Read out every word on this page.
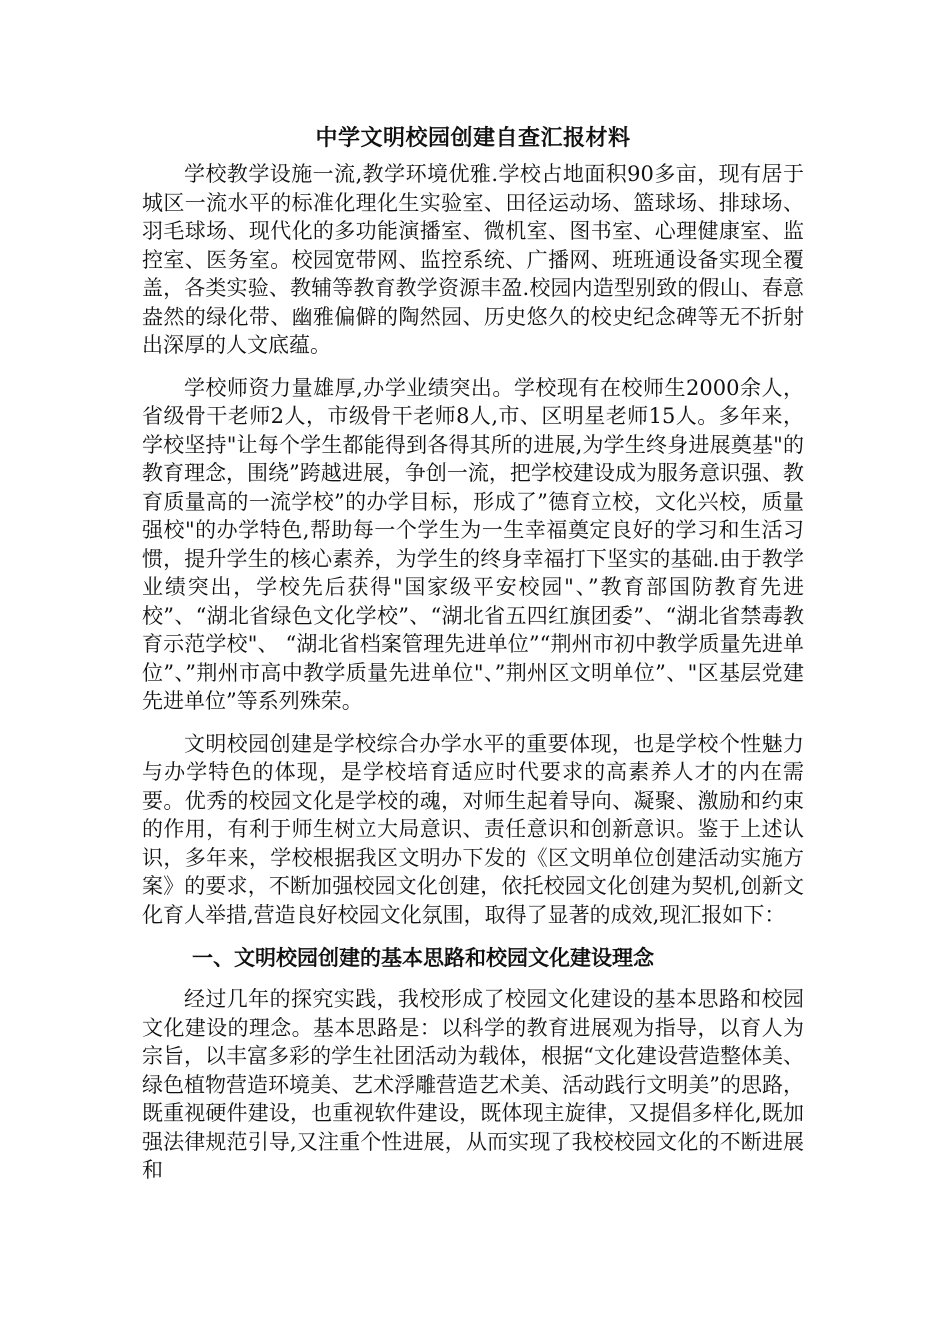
中学文明校园创建自查汇报材料

学校教学设施一流,教学环境优雅.学校占地面积90多亩，现有居于城区一流水平的标准化理化生实验室、田径运动场、篮球场、排球场、羽毛球场、现代化的多功能演播室、微机室、图书室、心理健康室、监控室、医务室。校园宽带网、监控系统、广播网、班班通设备实现全覆盖，各类实验、教辅等教育教学资源丰盈.校园内造型别致的假山、春意盎然的绿化带、幽雅偏僻的陶然园、历史悠久的校史纪念碑等无不折射出深厚的人文底蕴。

学校师资力量雄厚,办学业绩突出。学校现有在校师生2000余人，省级骨干老师2人，市级骨干老师8人,市、区明星老师15人。多年来，学校坚持"让每个学生都能得到各得其所的进展,为学生终身进展奠基"的教育理念，围绕”跨越进展，争创一流，把学校建设成为服务意识强、教育质量高的一流学校”的办学目标，形成了”德育立校，文化兴校，质量强校"的办学特色,帮助每一个学生为一生幸福奠定良好的学习和生活习惯，提升学生的核心素养，为学生的终身幸福打下坚实的基础.由于教学业绩突出，学校先后获得"国家级平安校园"、”教育部国防教育先进校”、“湖北省绿色文化学校”、“湖北省五四红旗团委”、“湖北省禁毒教育示范学校"、 “湖北省档案管理先进单位”“荆州市初中教学质量先进单位”、”荆州市高中教学质量先进单位"、”荆州区文明单位”、"区基层党建先进单位”等系列殊荣。

文明校园创建是学校综合办学水平的重要体现，也是学校个性魅力与办学特色的体现，是学校培育适应时代要求的高素养人才的内在需要。优秀的校园文化是学校的魂，对师生起着导向、凝聚、激励和约束的作用，有利于师生树立大局意识、责任意识和创新意识。鉴于上述认识，多年来，学校根据我区文明办下发的《区文明单位创建活动实施方案》的要求，不断加强校园文化创建，依托校园文化创建为契机,创新文化育人举措,营造良好校园文化氛围，取得了显著的成效,现汇报如下：

一、文明校园创建的基本思路和校园文化建设理念

经过几年的探究实践，我校形成了校园文化建设的基本思路和校园文化建设的理念。基本思路是：以科学的教育进展观为指导，以育人为宗旨，以丰富多彩的学生社团活动为载体，根据“文化建设营造整体美、绿色植物营造环境美、艺术浮雕营造艺术美、活动践行文明美”的思路，既重视硬件建设，也重视软件建设，既体现主旋律，又提倡多样化,既加强法律规范引导,又注重个性进展，从而实现了我校校园文化的不断进展和
